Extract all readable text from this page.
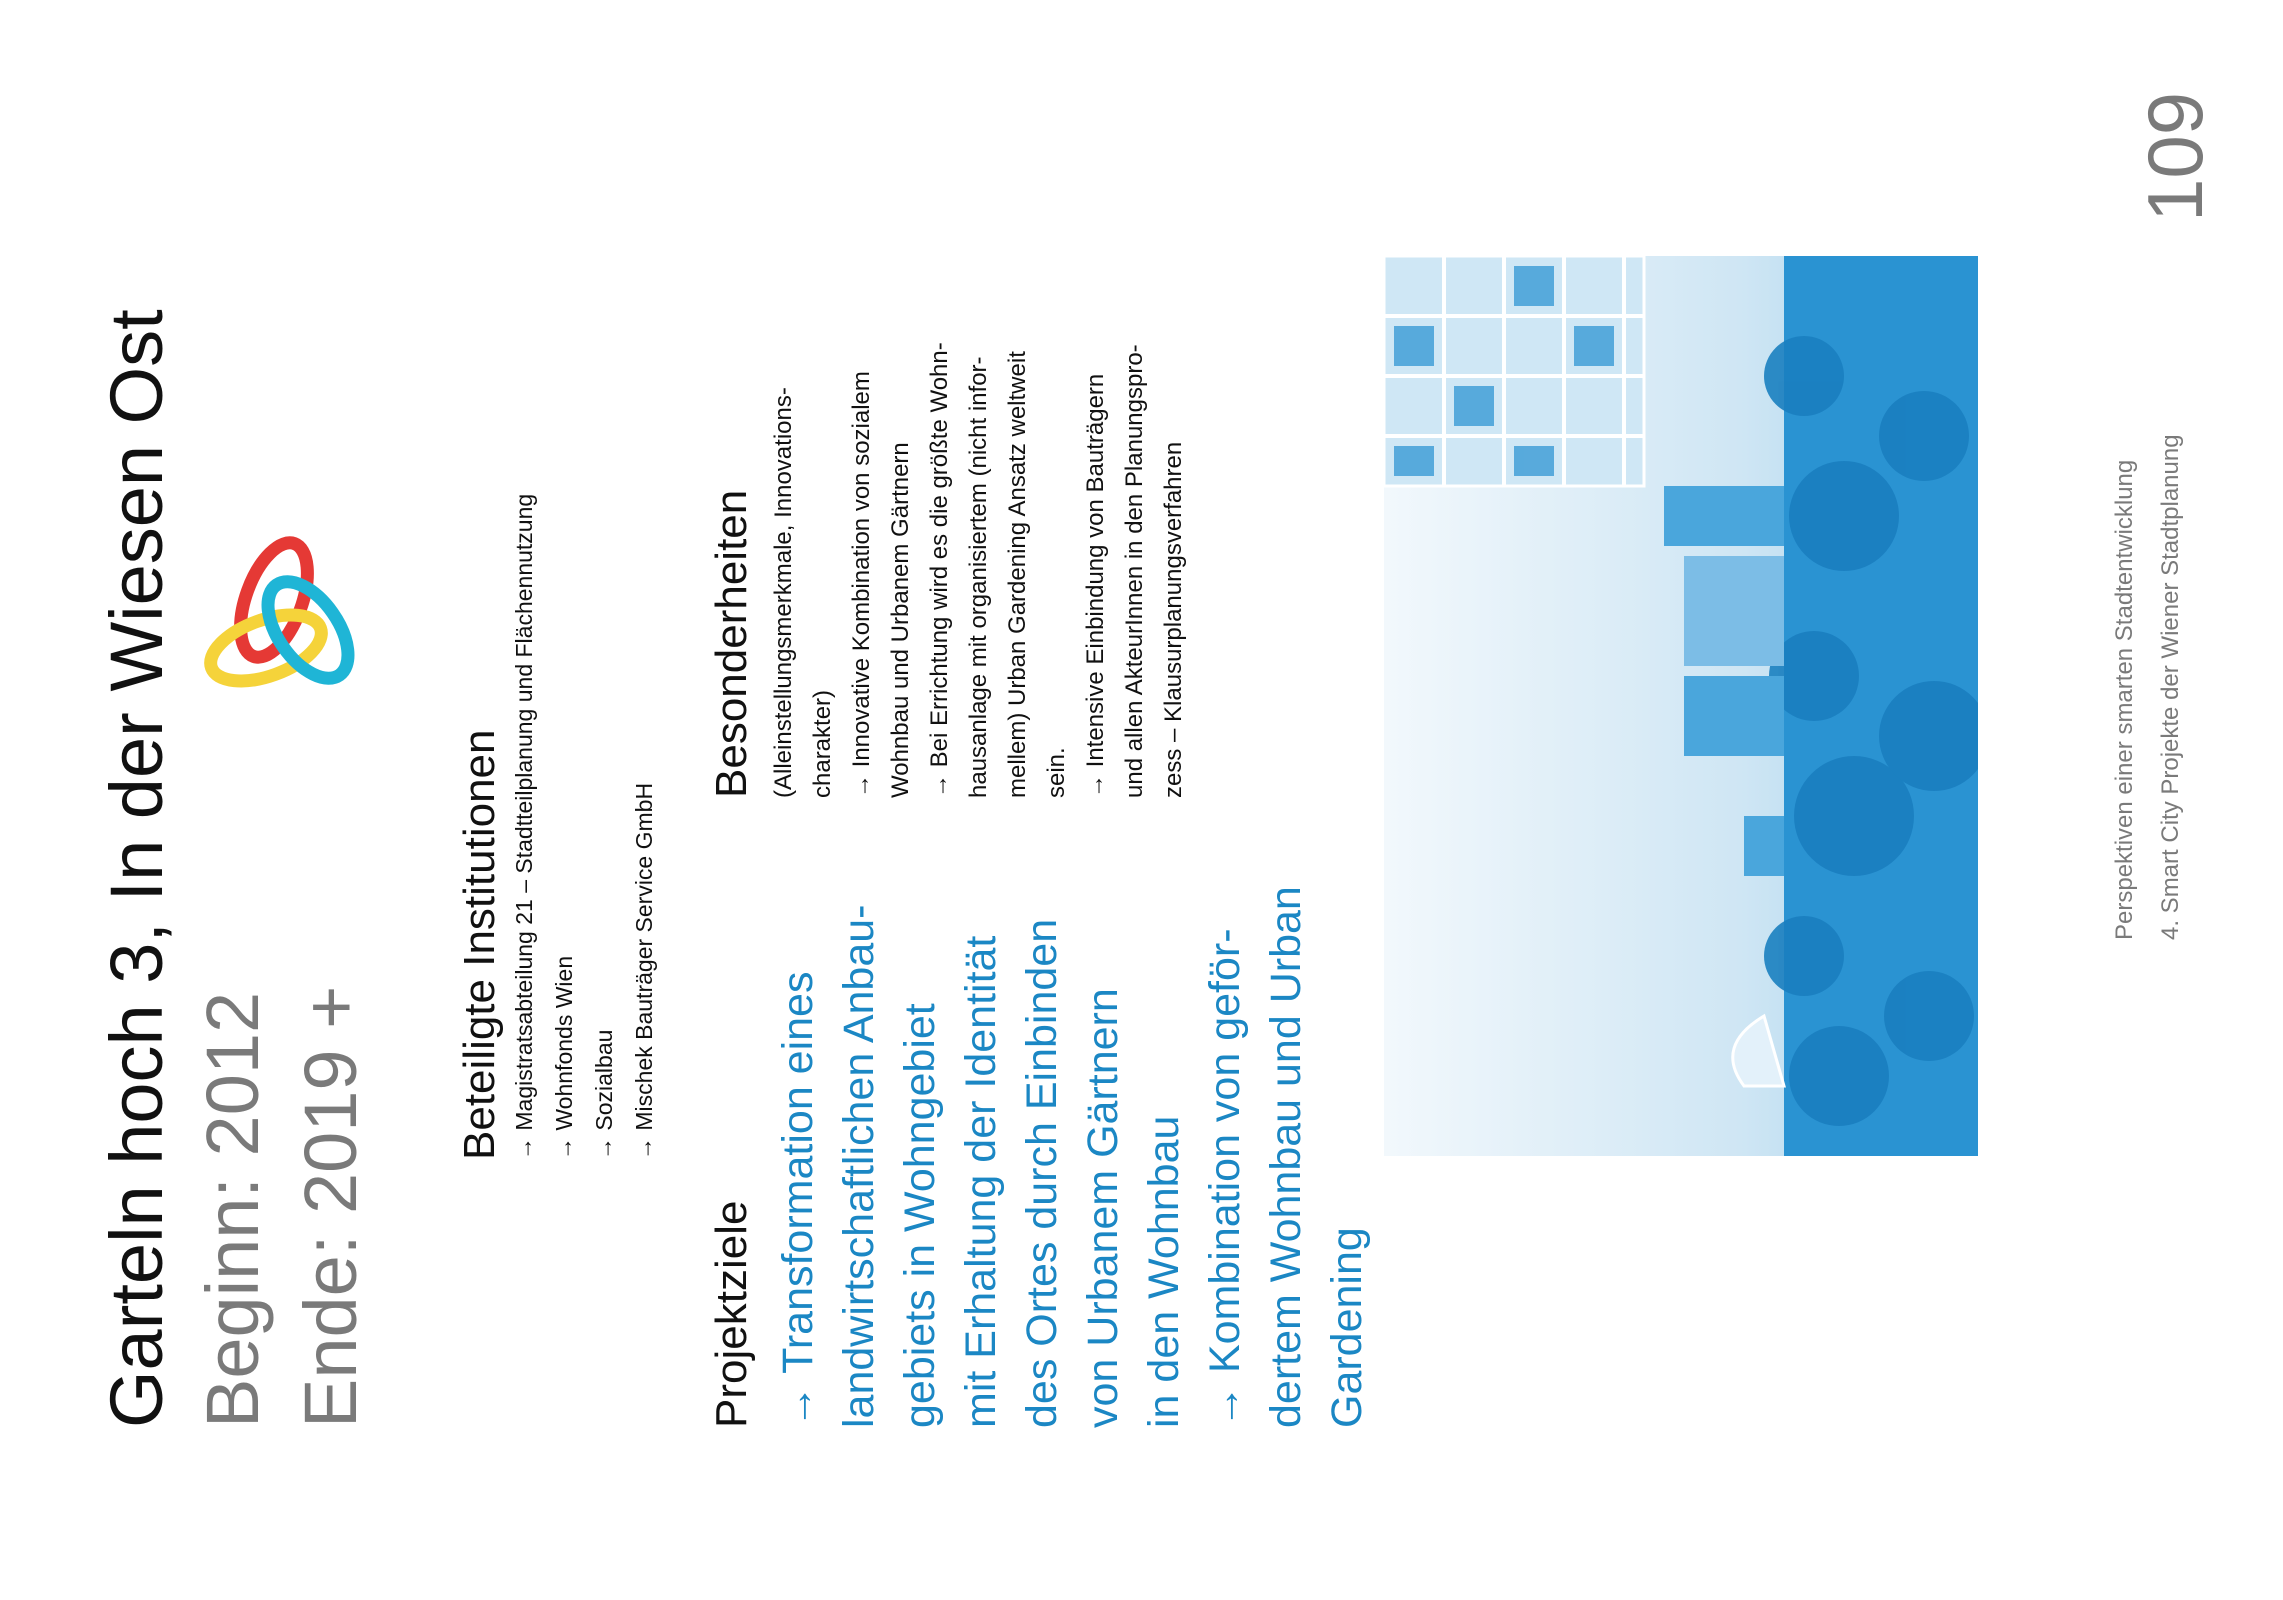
Garteln hoch 3, In der Wiesen Ost Beginn: 2012 Ende: 2019 +
Beteiligte Institutionen → Magistratsabteilung 21 – Stadtteilplanung und Flächennutzung → Wohnfonds Wien → Sozialbau → Mischek Bauträger Service GmbH
Projektziele → Transformation eines landwirtschaftlichen Anbau- gebiets in Wohngebiet mit Erhaltung der Identität des Ortes durch Einbinden von Urbanem Gärtnern in den Wohnbau → Kombination von geför- dertem Wohnbau und Urban Gardening
Besonderheiten (Alleinstellungsmerkmale, Innovations- charakter) → Innovative Kombination von sozialem Wohnbau und Urbanem Gärtnern → Bei Errichtung wird es die größte Wohn- hausanlage mit organisiertem (nicht infor- mellem) Urban Gardening Ansatz weltweit sein. → Intensive Einbindung von Bauträgern und allen AkteurInnen in den Planungspro- zess – Klausurplanungsverfahren	Perspektiven einer smarten Stadtentwicklung 4. Smart City Projekte der Wiener Stadtplanung
109
